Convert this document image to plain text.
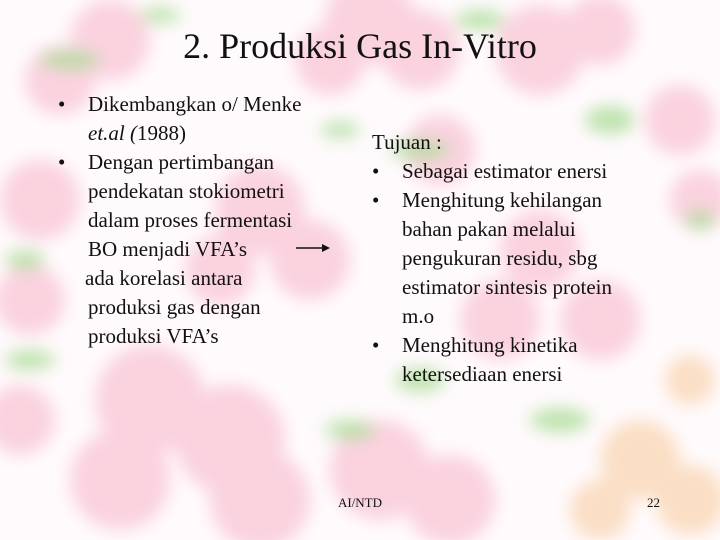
2. Produksi Gas In-Vitro
• Dikembangkan o/ Menke
et.al (1988)
• Dengan pertimbangan
pendekatan stokiometri
dalam proses fermentasi
BO menjadi VFA’s
ada korelasi antara
produksi gas dengan
produksi VFA’s
Tujuan :
• Sebagai estimator enersi
• Menghitung kehilangan
bahan pakan melalui
pengukuran residu, sbg
estimator sintesis protein
m.o
• Menghitung kinetika
ketersediaan enersi
AI/NTD	22
